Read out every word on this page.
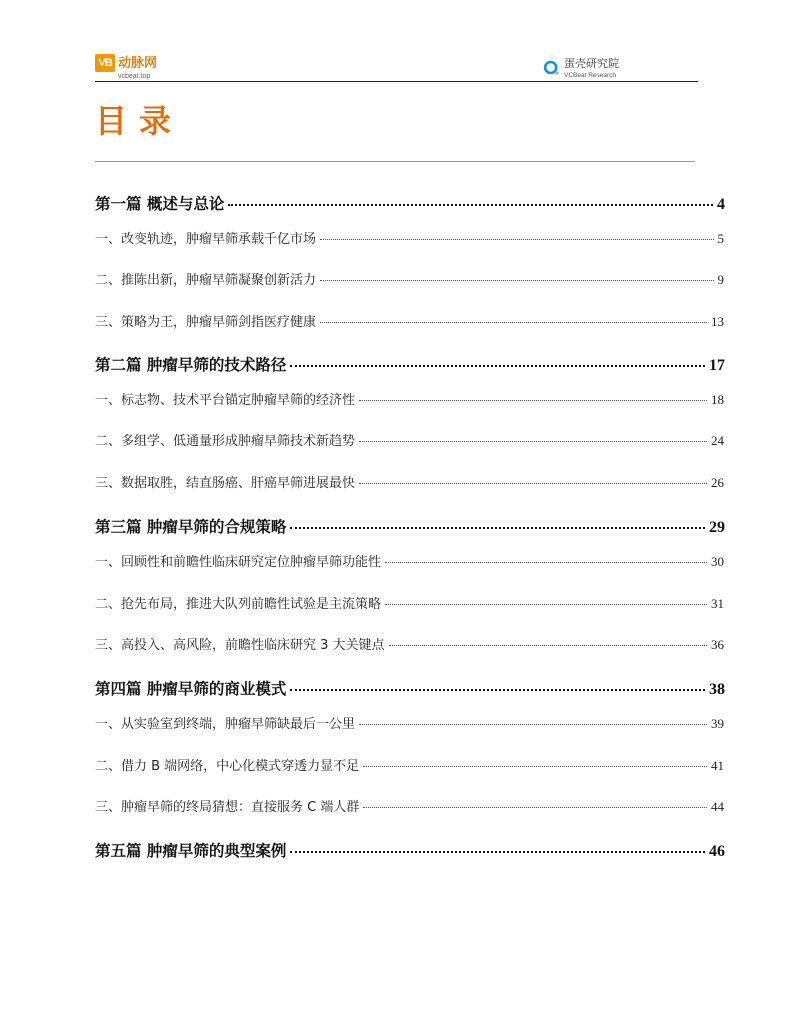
VB 动脉网
vcbeat.top
蛋壳研究院
VCBeat Research
目录
第一篇 概述与总论	4
一、改变轨迹，肿瘤早筛承载千亿市场	5
二、推陈出新，肿瘤早筛凝聚创新活力	9
三、策略为王，肿瘤早筛剑指医疗健康	13
第二篇 肿瘤早筛的技术路径	17
一、标志物、技术平台锚定肿瘤早筛的经济性	18
二、多组学、低通量形成肿瘤早筛技术新趋势	24
三、数据取胜，结直肠癌、肝癌早筛进展最快	26
第三篇 肿瘤早筛的合规策略	29
一、回顾性和前瞻性临床研究定位肿瘤早筛功能性	30
二、抢先布局，推进大队列前瞻性试验是主流策略	31
三、高投入、高风险，前瞻性临床研究 3 大关键点	36
第四篇 肿瘤早筛的商业模式	38
一、从实验室到终端，肿瘤早筛缺最后一公里	39
二、借力 B 端网络，中心化模式穿透力显不足	41
三、肿瘤早筛的终局猜想：直接服务 C 端人群	44
第五篇 肿瘤早筛的典型案例	46
